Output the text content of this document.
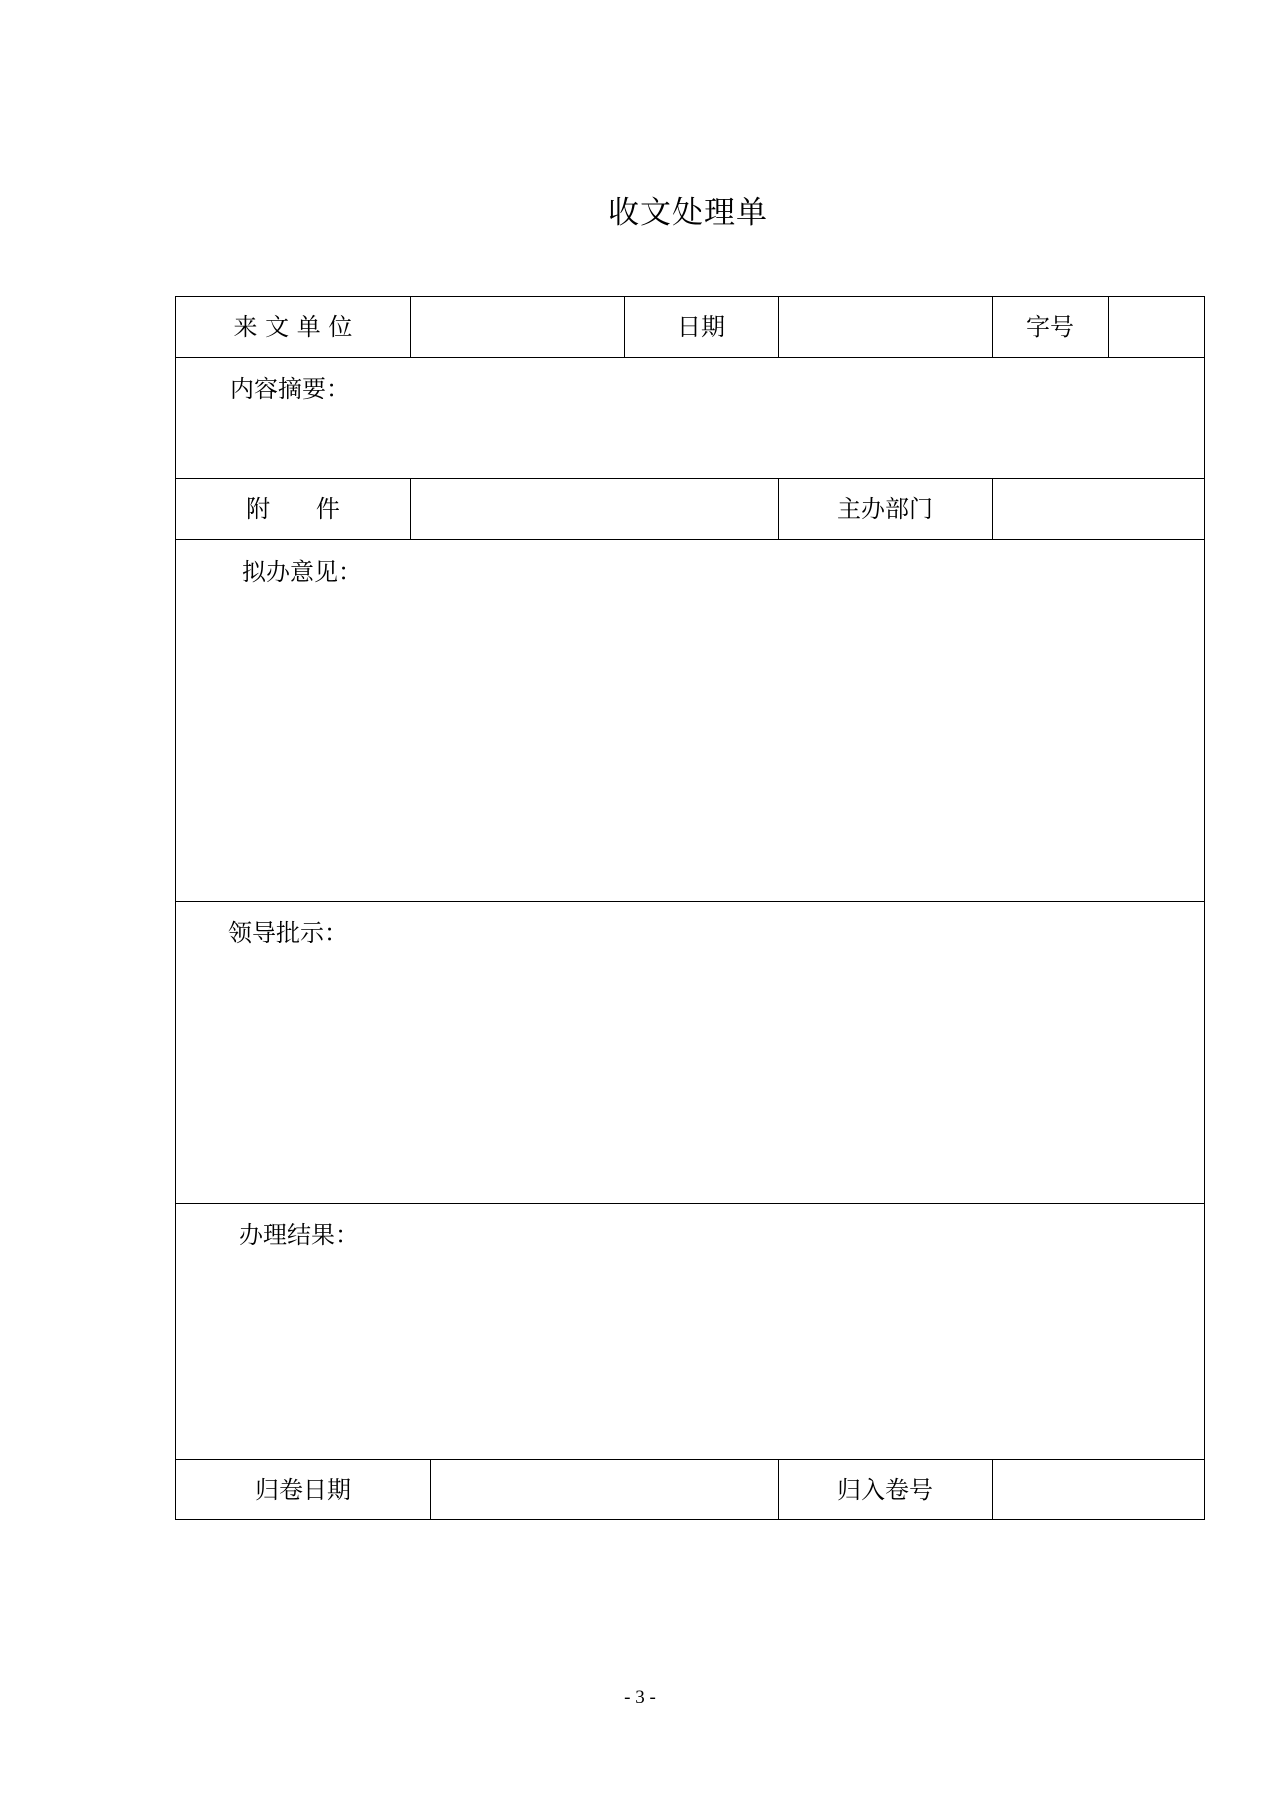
收文处理单
来 文 单 位	日期	字号
内容摘要：
附      件	主办部门
拟办意见：
领导批示：
办理结果：
归卷日期	归入卷号
- 3 -
